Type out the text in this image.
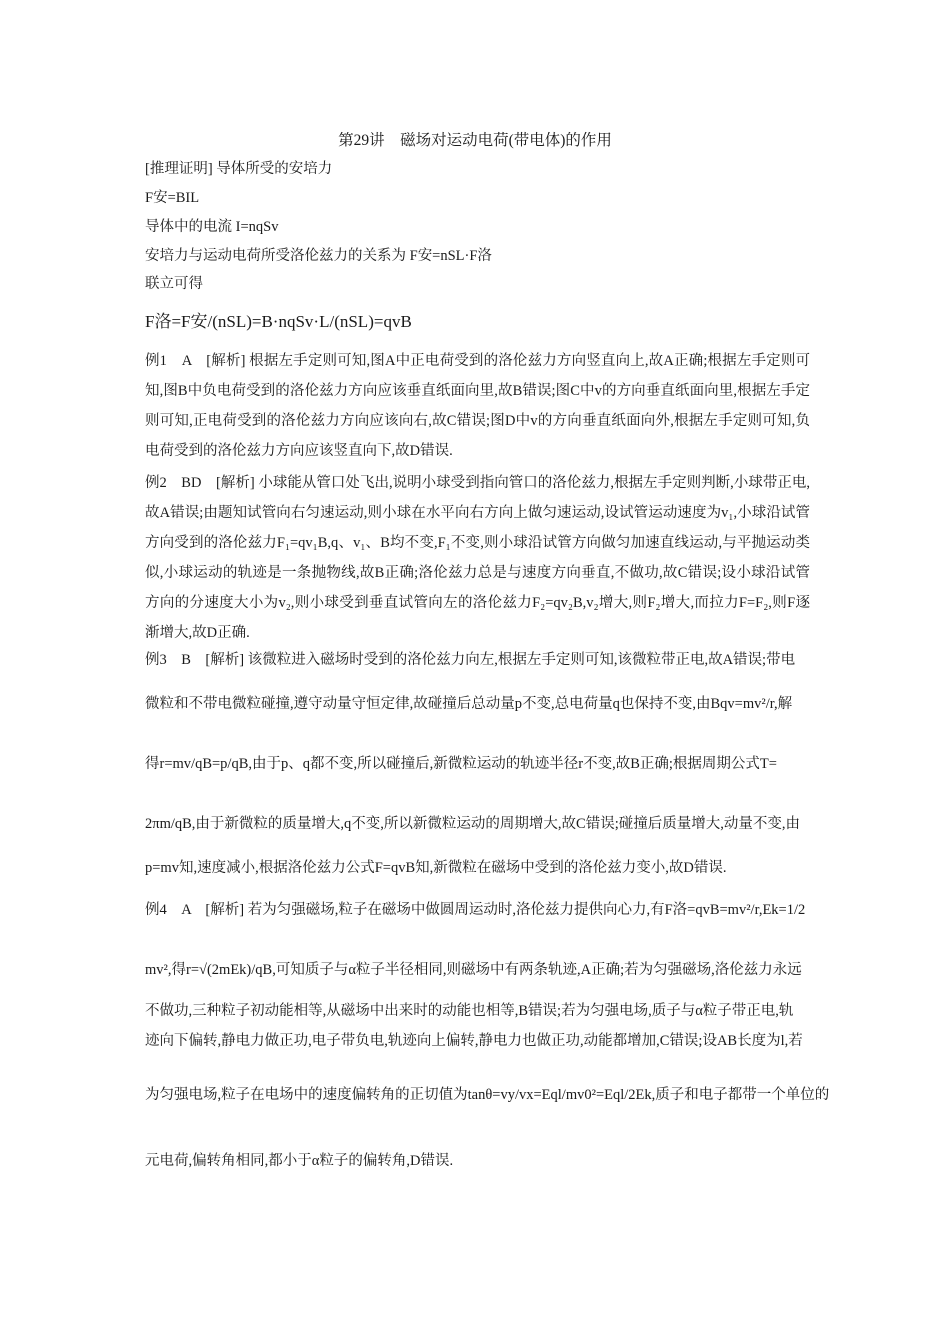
第29讲　磁场对运动电荷(带电体)的作用
[推理证明] 导体所受的安培力
F安=BIL
导体中的电流 I=nqSv
安培力与运动电荷所受洛伦兹力的关系为 F安=nSL·F洛
联立可得
F洛=F安/(nSL)=B·nqSv·L/(nSL)=qvB
例1　A　[解析] 根据左手定则可知,图A中正电荷受到的洛伦兹力方向竖直向上,故A正确;根据左手定则可知,图B中负电荷受到的洛伦兹力方向应该垂直纸面向里,故B错误;图C中v的方向垂直纸面向里,根据左手定则可知,正电荷受到的洛伦兹力方向应该向右,故C错误;图D中v的方向垂直纸面向外,根据左手定则可知,负电荷受到的洛伦兹力方向应该竖直向下,故D错误.
例2　BD　[解析] 小球能从管口处飞出,说明小球受到指向管口的洛伦兹力,根据左手定则判断,小球带正电,故A错误;由题知试管向右匀速运动,则小球在水平向右方向上做匀速运动,设试管运动速度为v₁,小球沿试管方向受到的洛伦兹力F₁=qv₁B,q、v₁、B均不变,F₁不变,则小球沿试管方向做匀加速直线运动,与平抛运动类似,小球运动的轨迹是一条抛物线,故B正确;洛伦兹力总是与速度方向垂直,不做功,故C错误;设小球沿试管方向的分速度大小为v₂,则小球受到垂直试管向左的洛伦兹力F₂=qv₂B,v₂增大,则F₂增大,而拉力F=F₂,则F逐渐增大,故D正确.
例3　B　[解析] 该微粒进入磁场时受到的洛伦兹力向左,根据左手定则可知,该微粒带正电,故A错误;带电
微粒和不带电微粒碰撞,遵守动量守恒定律,故碰撞后总动量p不变,总电荷量q也保持不变,由Bqv=mv²/r,解
得r=mv/qB=p/qB,由于p、q都不变,所以碰撞后,新微粒运动的轨迹半径r不变,故B正确;根据周期公式T=
2πm/qB,由于新微粒的质量增大,q不变,所以新微粒运动的周期增大,故C错误;碰撞后质量增大,动量不变,由
p=mv知,速度减小,根据洛伦兹力公式F=qvB知,新微粒在磁场中受到的洛伦兹力变小,故D错误.
例4　A　[解析] 若为匀强磁场,粒子在磁场中做圆周运动时,洛伦兹力提供向心力,有F洛=qvB=mv²/r,Ek=1/2
mv²,得r=√(2mEk)/qB,可知质子与α粒子半径相同,则磁场中有两条轨迹,A正确;若为匀强磁场,洛伦兹力永远
不做功,三种粒子初动能相等,从磁场中出来时的动能也相等,B错误;若为匀强电场,质子与α粒子带正电,轨
迹向下偏转,静电力做正功,电子带负电,轨迹向上偏转,静电力也做正功,动能都增加,C错误;设AB长度为l,若
为匀强电场,粒子在电场中的速度偏转角的正切值为tanθ=vy/vx=Eql/mv0²=Eql/2Ek,质子和电子都带一个单位的
元电荷,偏转角相同,都小于α粒子的偏转角,D错误.
